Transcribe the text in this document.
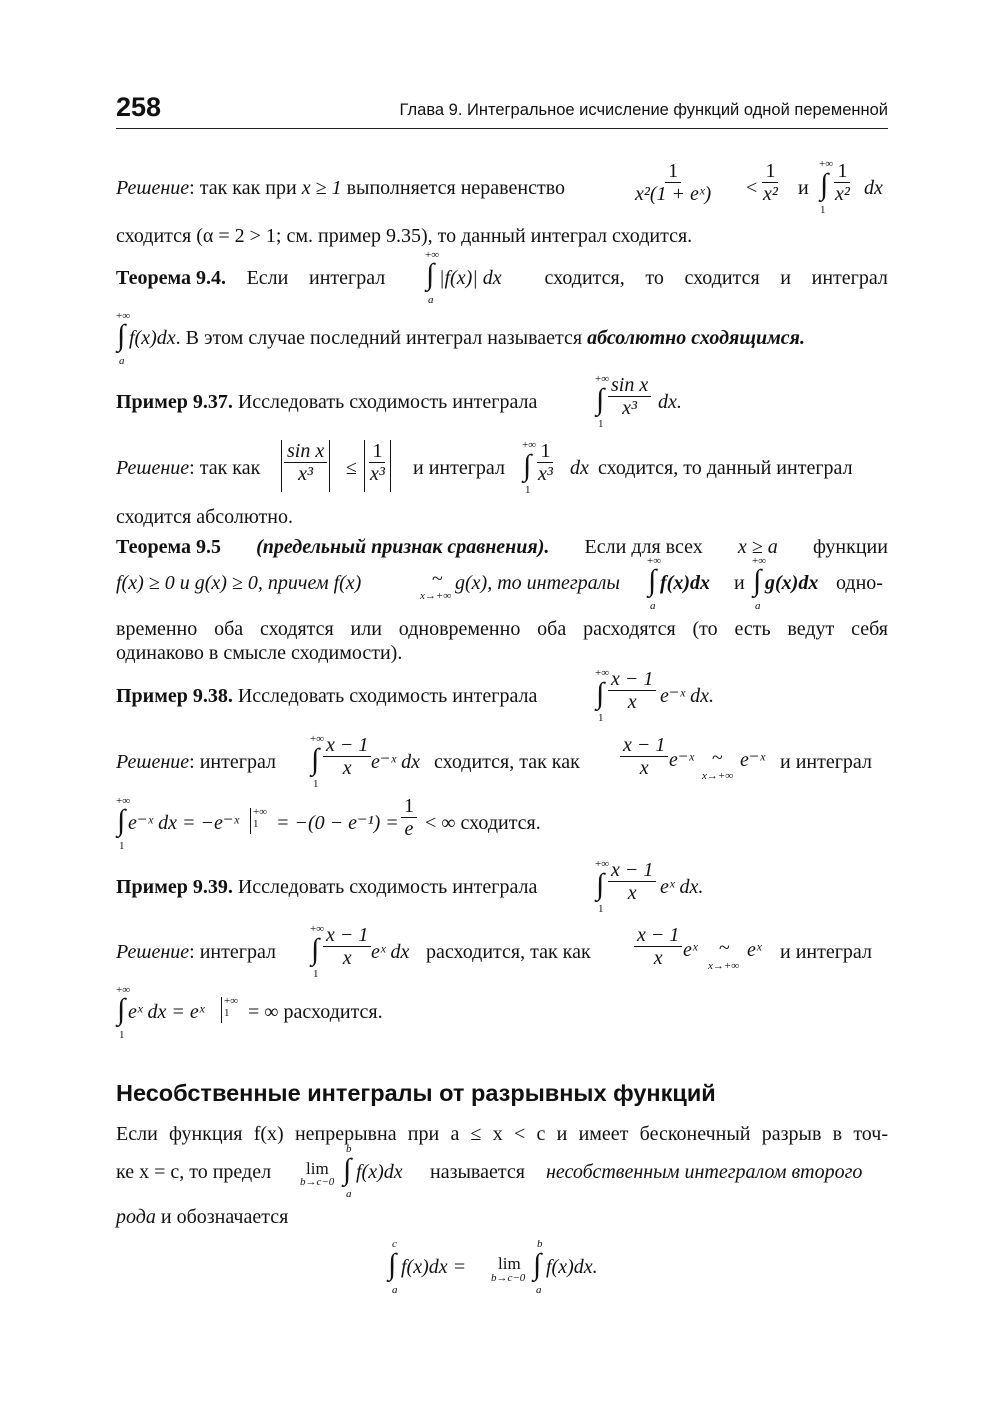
258	Глава 9. Интегральное исчисление функций одной переменной
Решение: так как при x ≥ 1 выполняется неравенство	$\frac{1}{\text{x²(1 + eˣ)}} < \frac{1}{\text{x²}}$ и
+∞
∫
1
$\frac{1}{\text{x²}}$ dx
сходится (α = 2 > 1; см. пример 9.35), то данный интеграл сходится.
Теорема 9.4. Если интеграл	сходится, то сходится и интеграл
+∞
∫
a
|f(x)| dx
+∞
∫
a
f(x)dx. В этом случае последний интеграл называется абсолютно сходящимся.
Пример 9.37. Исследовать сходимость интеграла
+∞
∫
1
$\frac{\text{sin x}}{\text{x³}}$ dx.
Решение: так как $\frac{\text{sin x}}{\text{x³}} \le \frac{1}{\text{x³}}$ и интеграл
+∞
∫
1
$\frac{1}{\text{x³}}$ dx сходится, то данный интеграл
сходится абсолютно.
Теорема 9.5 (предельный признак сравнения). Если для всех x ≥ a функции
f(x) ≥ 0 и g(x) ≥ 0, причем f(x)	~
x→+∞
g(x), то интегралы
+∞
∫
a
f(x)dx и
+∞
∫
a
g(x)dx одно-
временно оба сходятся или одновременно оба расходятся (то есть ведут себя
одинаково в смысле сходимости).
Пример 9.38. Исследовать сходимость интеграла
+∞
∫
1
$\frac{x - 1}{x}$ e⁻ˣ dx.
Решение: интеграл
+∞
∫
1
$\frac{x - 1}{x}$ e⁻ˣ dx сходится, так как $\frac{x - 1}{x}$ e⁻ˣ ~
x→+∞
e⁻ˣ и интеграл
+∞
∫
1
e⁻ˣ dx = −e⁻ˣ +∞
$1 = -(0 - e^{-1}) = \frac{1}{e}$ < ∞ сходится.
Пример 9.39. Исследовать сходимость интеграла
+∞
∫
1
$\frac{x - 1}{x}$ eˣ dx.
Решение: интеграл
+∞
∫
1
$\frac{x - 1}{x}$ eˣ dx расходится, так как $\frac{x - 1}{x}$ eˣ ~
x→+∞
eˣ и интеграл
+∞
∫
1
eˣ dx = eˣ +∞
1 = ∞ расходится.
Несобственные интегралы от разрывных функций
Если функция f(x) непрерывна при a ≤ x < c и имеет бесконечный разрыв в точ-
ке x = c, то предел lim
b→c−0
b
∫
a
f(x)dx называется несобственным интегралом второго
рода и обозначается
c
∫
a
f(x)dx = lim
b→c−0
b
∫
a
f(x)dx.
